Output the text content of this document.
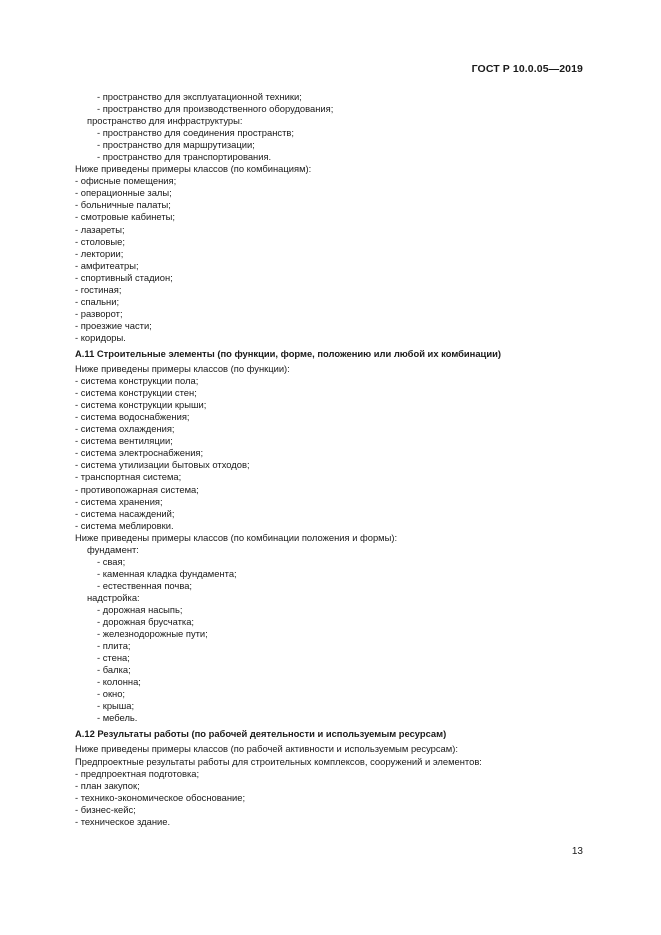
ГОСТ Р 10.0.05—2019
- пространство для эксплуатационной техники;
- пространство для производственного оборудования;
пространство для инфраструктуры:
- пространство для соединения пространств;
- пространство для маршрутизации;
- пространство для транспортирования.
Ниже приведены примеры классов (по комбинациям):
- офисные помещения;
- операционные залы;
- больничные палаты;
- смотровые кабинеты;
- лазареты;
- столовые;
- лектории;
- амфитеатры;
- спортивный стадион;
- гостиная;
- спальни;
- разворот;
- проезжие части;
- коридоры.
А.11 Строительные элементы (по функции, форме, положению или любой их комбинации)
Ниже приведены примеры классов (по функции):
- система конструкции пола;
- система конструкции стен;
- система конструкции крыши;
- система водоснабжения;
- система охлаждения;
- система вентиляции;
- система электроснабжения;
- система утилизации бытовых отходов;
- транспортная система;
- противопожарная система;
- система хранения;
- система насаждений;
- система меблировки.
Ниже приведены примеры классов (по комбинации положения и формы):
фундамент:
- свая;
- каменная кладка фундамента;
- естественная почва;
надстройка:
- дорожная насыпь;
- дорожная брусчатка;
- железнодорожные пути;
- плита;
- стена;
- балка;
- колонна;
- окно;
- крыша;
- мебель.
А.12 Результаты работы (по рабочей деятельности и используемым ресурсам)
Ниже приведены примеры классов (по рабочей активности и используемым ресурсам):
Предпроектные результаты работы для строительных комплексов, сооружений и элементов:
- предпроектная подготовка;
- план закупок;
- технико-экономическое обоснование;
- бизнес-кейс;
- техническое здание.
13
